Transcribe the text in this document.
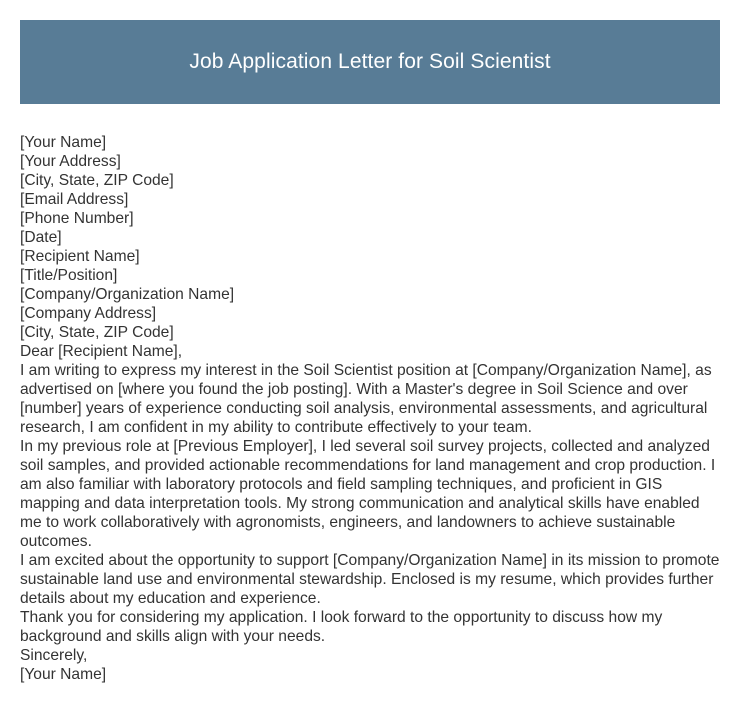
Job Application Letter for Soil Scientist
[Your Name]
[Your Address]
[City, State, ZIP Code]
[Email Address]
[Phone Number]
[Date]
[Recipient Name]
[Title/Position]
[Company/Organization Name]
[Company Address]
[City, State, ZIP Code]
Dear [Recipient Name],
I am writing to express my interest in the Soil Scientist position at [Company/Organization Name], as advertised on [where you found the job posting]. With a Master's degree in Soil Science and over [number] years of experience conducting soil analysis, environmental assessments, and agricultural research, I am confident in my ability to contribute effectively to your team.
In my previous role at [Previous Employer], I led several soil survey projects, collected and analyzed soil samples, and provided actionable recommendations for land management and crop production. I am also familiar with laboratory protocols and field sampling techniques, and proficient in GIS mapping and data interpretation tools. My strong communication and analytical skills have enabled me to work collaboratively with agronomists, engineers, and landowners to achieve sustainable outcomes.
I am excited about the opportunity to support [Company/Organization Name] in its mission to promote sustainable land use and environmental stewardship. Enclosed is my resume, which provides further details about my education and experience.
Thank you for considering my application. I look forward to the opportunity to discuss how my background and skills align with your needs.
Sincerely,
[Your Name]
